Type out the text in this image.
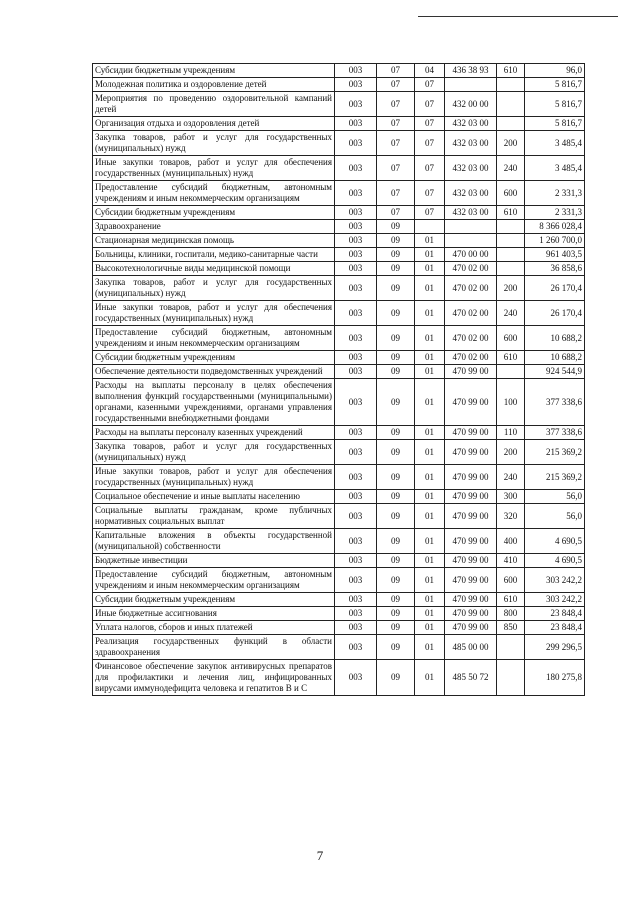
Субсидии бюджетным учреждениям	003	07	04	436 38 93	610	96,0
Молодежная политика и оздоровление детей	003	07	07			5 816,7
Мероприятия по проведению оздоровительной кампаний детей	003	07	07	432 00 00		5 816,7
Организация отдыха и оздоровления детей	003	07	07	432 03 00		5 816,7
Закупка товаров, работ и услуг для государственных (муниципальных) нужд	003	07	07	432 03 00	200	3 485,4
Иные закупки товаров, работ и услуг для обеспечения государственных (муниципальных) нужд	003	07	07	432 03 00	240	3 485,4
Предоставление субсидий бюджетным, автономным учреждениям и иным некоммерческим организациям	003	07	07	432 03 00	600	2 331,3
Субсидии бюджетным учреждениям	003	07	07	432 03 00	610	2 331,3
Здравоохранение	003	09				8 366 028,4
Стационарная медицинская помощь	003	09	01			1 260 700,0
Больницы, клиники, госпитали, медико-санитарные части	003	09	01	470 00 00		961 403,5
Высокотехнологичные виды медицинской помощи	003	09	01	470 02 00		36 858,6
Закупка товаров, работ и услуг для государственных (муниципальных) нужд	003	09	01	470 02 00	200	26 170,4
Иные закупки товаров, работ и услуг для обеспечения государственных (муниципальных) нужд	003	09	01	470 02 00	240	26 170,4
Предоставление субсидий бюджетным, автономным учреждениям и иным некоммерческим организациям	003	09	01	470 02 00	600	10 688,2
Субсидии бюджетным учреждениям	003	09	01	470 02 00	610	10 688,2
Обеспечение деятельности подведомственных учреждений	003	09	01	470 99 00		924 544,9
Расходы на выплаты персоналу в целях обеспечения выполнения функций государственными (муниципальными) органами, казенными учреждениями, органами управления государственными внебюджетными фондами	003	09	01	470 99 00	100	377 338,6
Расходы на выплаты персоналу казенных учреждений	003	09	01	470 99 00	110	377 338,6
Закупка товаров, работ и услуг для государственных (муниципальных) нужд	003	09	01	470 99 00	200	215 369,2
Иные закупки товаров, работ и услуг для обеспечения государственных (муниципальных) нужд	003	09	01	470 99 00	240	215 369,2
Социальное обеспечение и иные выплаты населению	003	09	01	470 99 00	300	56,0
Социальные выплаты гражданам, кроме публичных нормативных социальных выплат	003	09	01	470 99 00	320	56,0
Капитальные вложения в объекты государственной (муниципальной) собственности	003	09	01	470 99 00	400	4 690,5
Бюджетные инвестиции	003	09	01	470 99 00	410	4 690,5
Предоставление субсидий бюджетным, автономным учреждениям и иным некоммерческим организациям	003	09	01	470 99 00	600	303 242,2
Субсидии бюджетным учреждениям	003	09	01	470 99 00	610	303 242,2
Иные бюджетные ассигнования	003	09	01	470 99 00	800	23 848,4
Уплата налогов, сборов и иных платежей	003	09	01	470 99 00	850	23 848,4
Реализация государственных функций в области здравоохранения	003	09	01	485 00 00		299 296,5
Финансовое обеспечение закупок антивирусных препаратов для профилактики и лечения лиц, инфицированных вирусами иммунодефицита человека и гепатитов В и С	003	09	01	485 50 72		180 275,8
7
